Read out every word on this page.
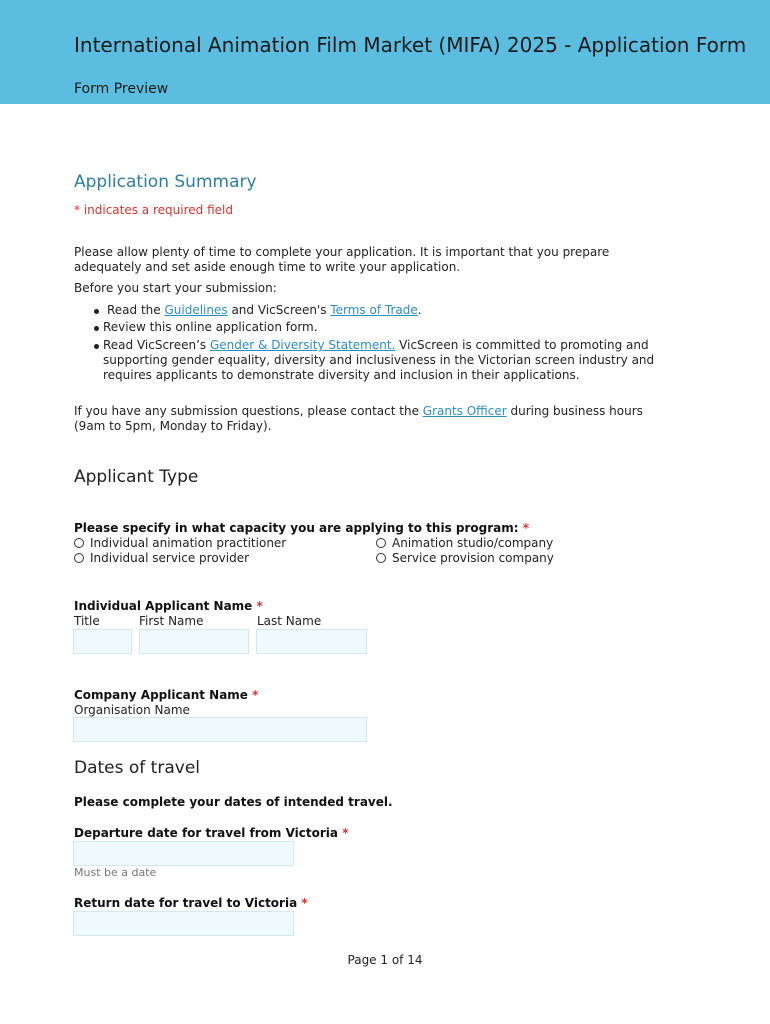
International Animation Film Market (MIFA) 2025 - Application Form
Form Preview
Application Summary
* indicates a required field
Please allow plenty of time to complete your application. It is important that you prepare adequately and set aside enough time to write your application.
Before you start your submission:
Read the Guidelines and VicScreen's Terms of Trade.
Review this online application form.
Read VicScreen’s Gender & Diversity Statement. VicScreen is committed to promoting and supporting gender equality, diversity and inclusiveness in the Victorian screen industry and requires applicants to demonstrate diversity and inclusion in their applications.
If you have any submission questions, please contact the Grants Officer during business hours (9am to 5pm, Monday to Friday).
Applicant Type
Please specify in what capacity you are applying to this program: *
Individual animation practitioner
Individual service provider
Animation studio/company
Service provision company
Individual Applicant Name *
Title	First Name	Last Name
Company Applicant Name *
Organisation Name
Dates of travel
Please complete your dates of intended travel.
Departure date for travel from Victoria *
Must be a date
Return date for travel to Victoria *
Page 1 of 14
